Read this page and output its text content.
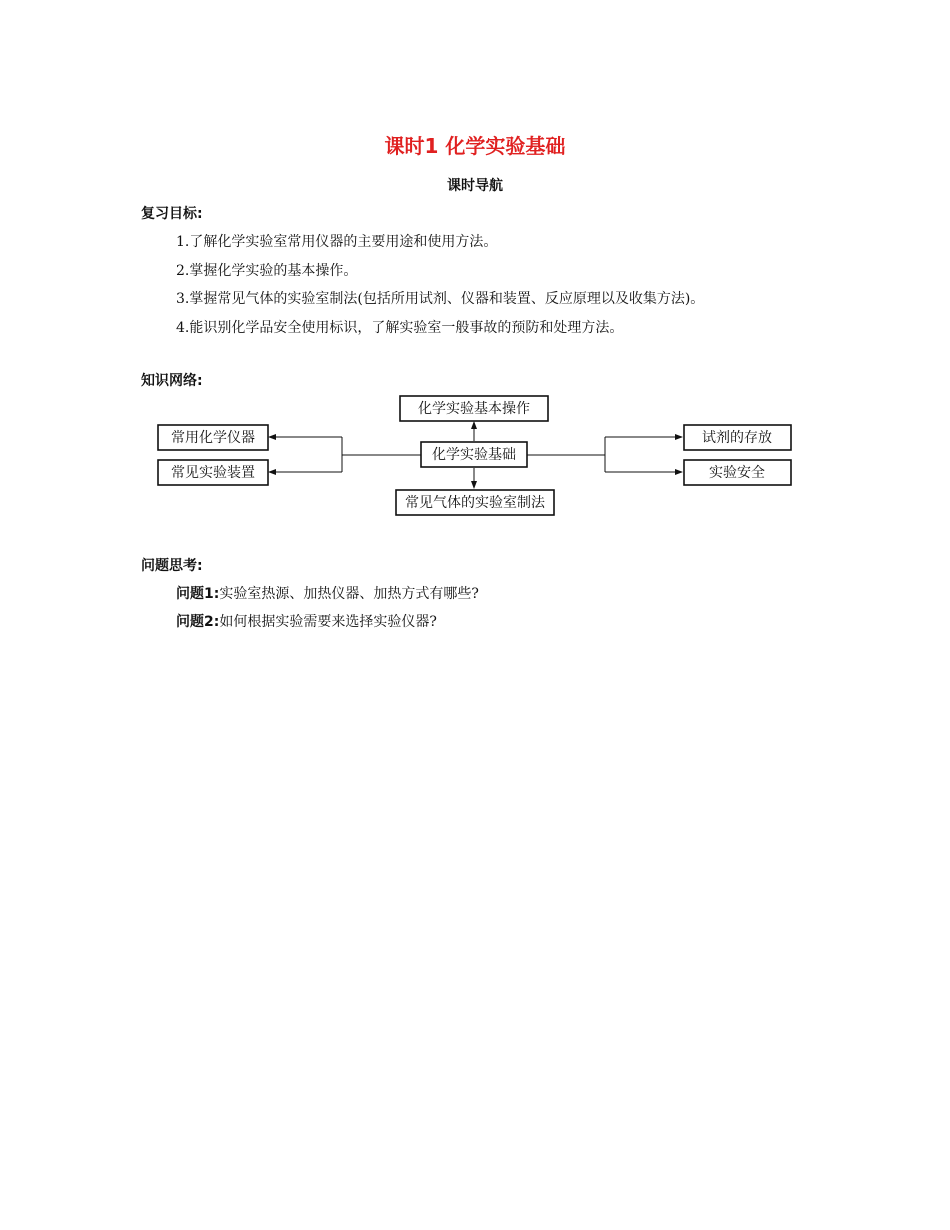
课时1 化学实验基础
课时导航
复习目标:
1.了解化学实验室常用仪器的主要用途和使用方法。
2.掌握化学实验的基本操作。
3.掌握常见气体的实验室制法(包括所用试剂、仪器和装置、反应原理以及收集方法)。
4.能识别化学品安全使用标识，了解实验室一般事故的预防和处理方法。
知识网络:
化学实验基本操作
化学实验基础
常见气体的实验室制法
常用化学仪器
常见实验装置
试剂的存放
实验安全
问题思考:
问题1:实验室热源、加热仪器、加热方式有哪些?
问题2:如何根据实验需要来选择实验仪器?
